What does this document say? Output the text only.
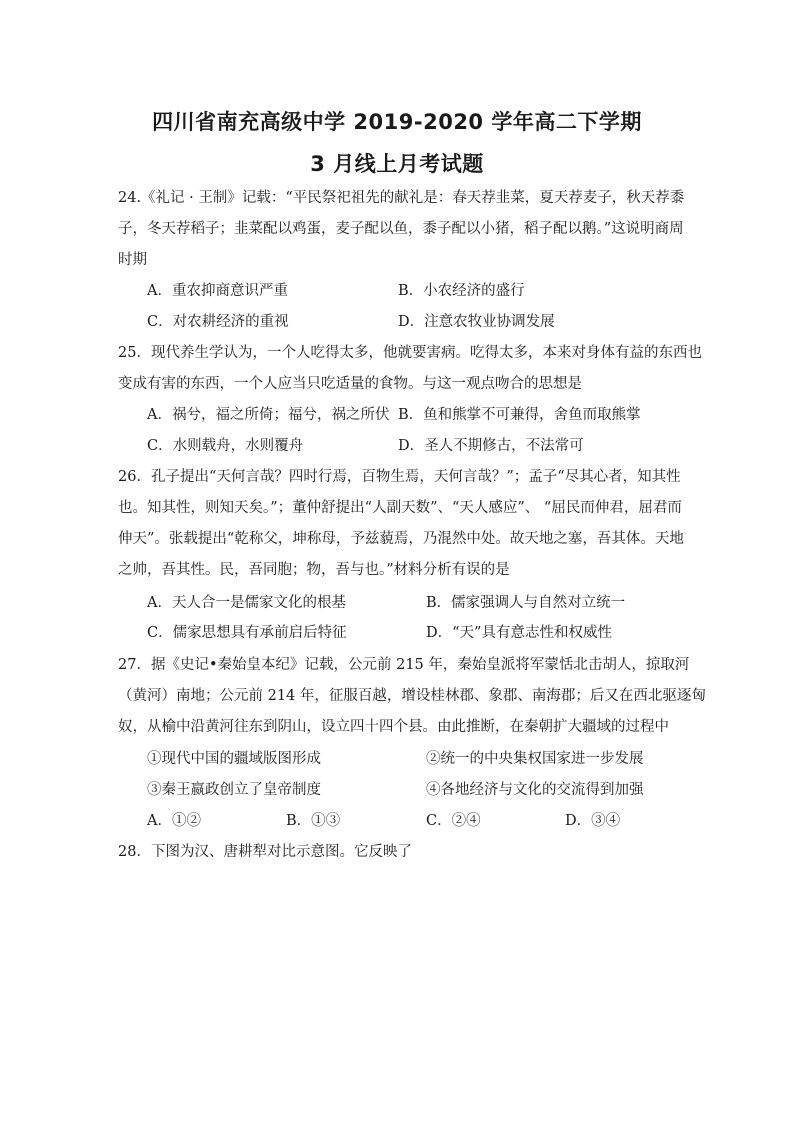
四川省南充高级中学 2019-2020 学年高二下学期
3 月线上月考试题
24.《礼记 · 王制》记载：“平民祭祀祖先的献礼是：春天荐韭菜，夏天荐麦子，秋天荐黍
子，冬天荐稻子；韭菜配以鸡蛋，麦子配以鱼，黍子配以小猪，稻子配以鹅。”这说明商周
时期
A．重农抑商意识严重	B．小农经济的盛行
C．对农耕经济的重视	D．注意农牧业协调发展
25．现代养生学认为，一个人吃得太多，他就要害病。吃得太多，本来对身体有益的东西也
变成有害的东西，一个人应当只吃适量的食物。与这一观点吻合的思想是
A．祸兮，福之所倚；福兮，祸之所伏 B．鱼和熊掌不可兼得，舍鱼而取熊掌
C．水则载舟，水则覆舟	D．圣人不期修古，不法常可
26．孔子提出“天何言哉？四时行焉，百物生焉，天何言哉？”；孟子“尽其心者，知其性
也。知其性，则知天矣。”；董仲舒提出“人副天数”、“天人感应”、 “屈民而伸君，屈君而
伸天”。张载提出“乾称父，坤称母，予兹藐焉，乃混然中处。故天地之塞，吾其体。天地
之帅，吾其性。民，吾同胞；物，吾与也。”材料分析有误的是
A．天人合一是儒家文化的根基	B．儒家强调人与自然对立统一
C．儒家思想具有承前启后特征	D．“天”具有意志性和权威性
27．据《史记•秦始皇本纪》记载，公元前 215 年，秦始皇派将军蒙恬北击胡人，掠取河
（黄河）南地；公元前 214 年，征服百越，增设桂林郡、象郡、南海郡；后又在西北驱逐匈
奴，从榆中沿黄河往东到阴山，设立四十四个县。由此推断，在秦朝扩大疆域的过程中
①现代中国的疆域版图形成	②统一的中央集权国家进一步发展
③秦王嬴政创立了皇帝制度	④各地经济与文化的交流得到加强
A．①②	B．①③	C．②④	D．③④
28．下图为汉、唐耕犁对比示意图。它反映了
